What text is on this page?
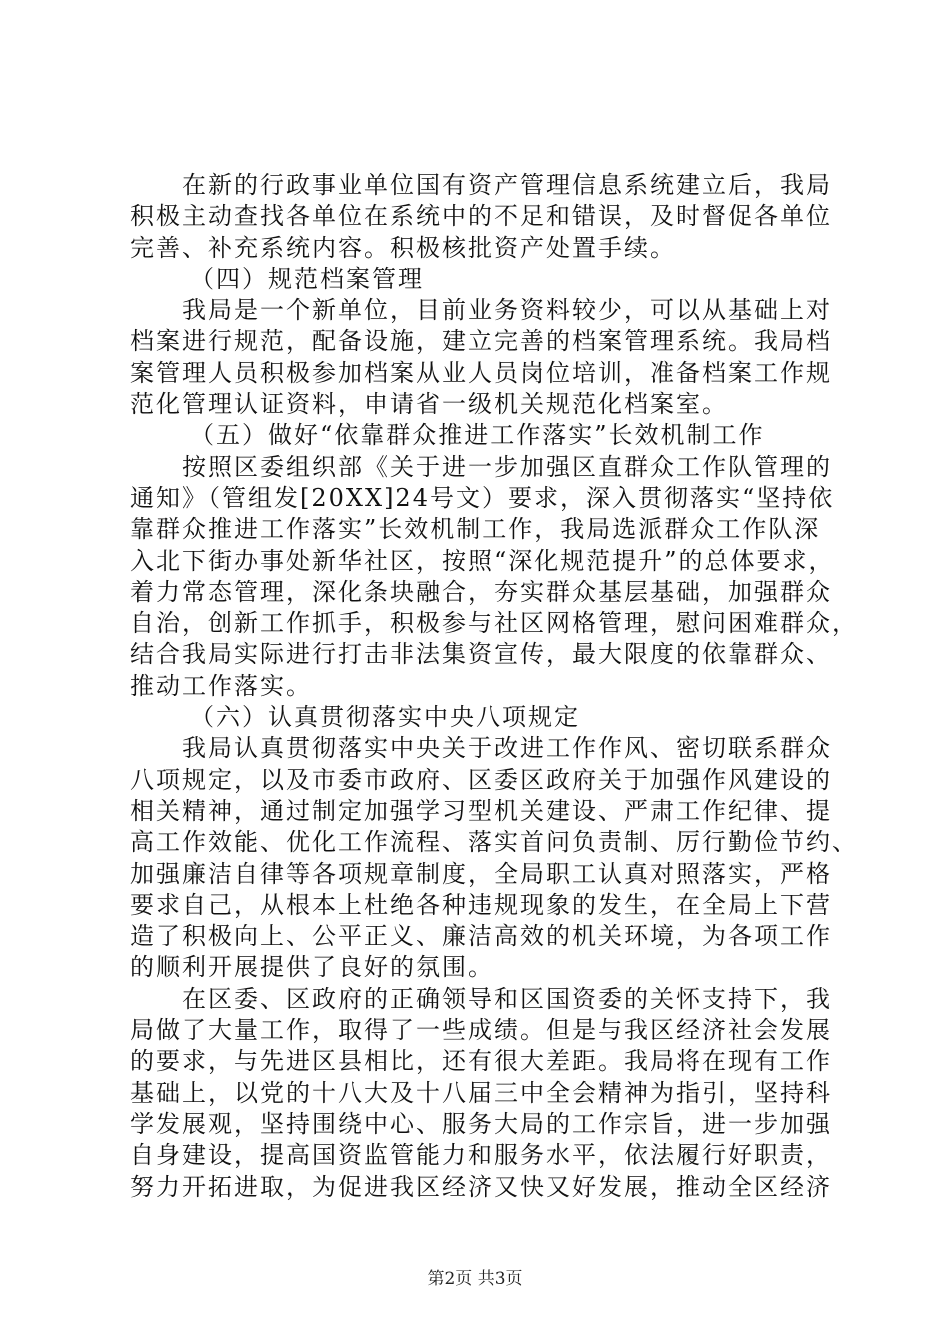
在新的行政事业单位国有资产管理信息系统建立后，我局
积极主动查找各单位在系统中的不足和错误，及时督促各单位
完善、补充系统内容。积极核批资产处置手续。
（四）规范档案管理
我局是一个新单位，目前业务资料较少，可以从基础上对
档案进行规范，配备设施，建立完善的档案管理系统。我局档
案管理人员积极参加档案从业人员岗位培训，准备档案工作规
范化管理认证资料，申请省一级机关规范化档案室。
（五）做好“依靠群众推进工作落实”长效机制工作
按照区委组织部《关于进一步加强区直群众工作队管理的
通知》（管组发[20XX]24号文）要求，深入贯彻落实“坚持依
靠群众推进工作落实”长效机制工作，我局选派群众工作队深
入北下街办事处新华社区，按照“深化规范提升”的总体要求，
着力常态管理，深化条块融合，夯实群众基层基础，加强群众
自治，创新工作抓手，积极参与社区网格管理，慰问困难群众，
结合我局实际进行打击非法集资宣传，最大限度的依靠群众、
推动工作落实。
（六）认真贯彻落实中央八项规定
我局认真贯彻落实中央关于改进工作作风、密切联系群众
八项规定，以及市委市政府、区委区政府关于加强作风建设的
相关精神，通过制定加强学习型机关建设、严肃工作纪律、提
高工作效能、优化工作流程、落实首问负责制、厉行勤俭节约、
加强廉洁自律等各项规章制度，全局职工认真对照落实，严格
要求自己，从根本上杜绝各种违规现象的发生，在全局上下营
造了积极向上、公平正义、廉洁高效的机关环境，为各项工作
的顺利开展提供了良好的氛围。
在区委、区政府的正确领导和区国资委的关怀支持下，我
局做了大量工作，取得了一些成绩。但是与我区经济社会发展
的要求，与先进区县相比，还有很大差距。我局将在现有工作
基础上，以党的十八大及十八届三中全会精神为指引，坚持科
学发展观，坚持围绕中心、服务大局的工作宗旨，进一步加强
自身建设，提高国资监管能力和服务水平，依法履行好职责，
努力开拓进取，为促进我区经济又快又好发展，推动全区经济
第2页 共3页
